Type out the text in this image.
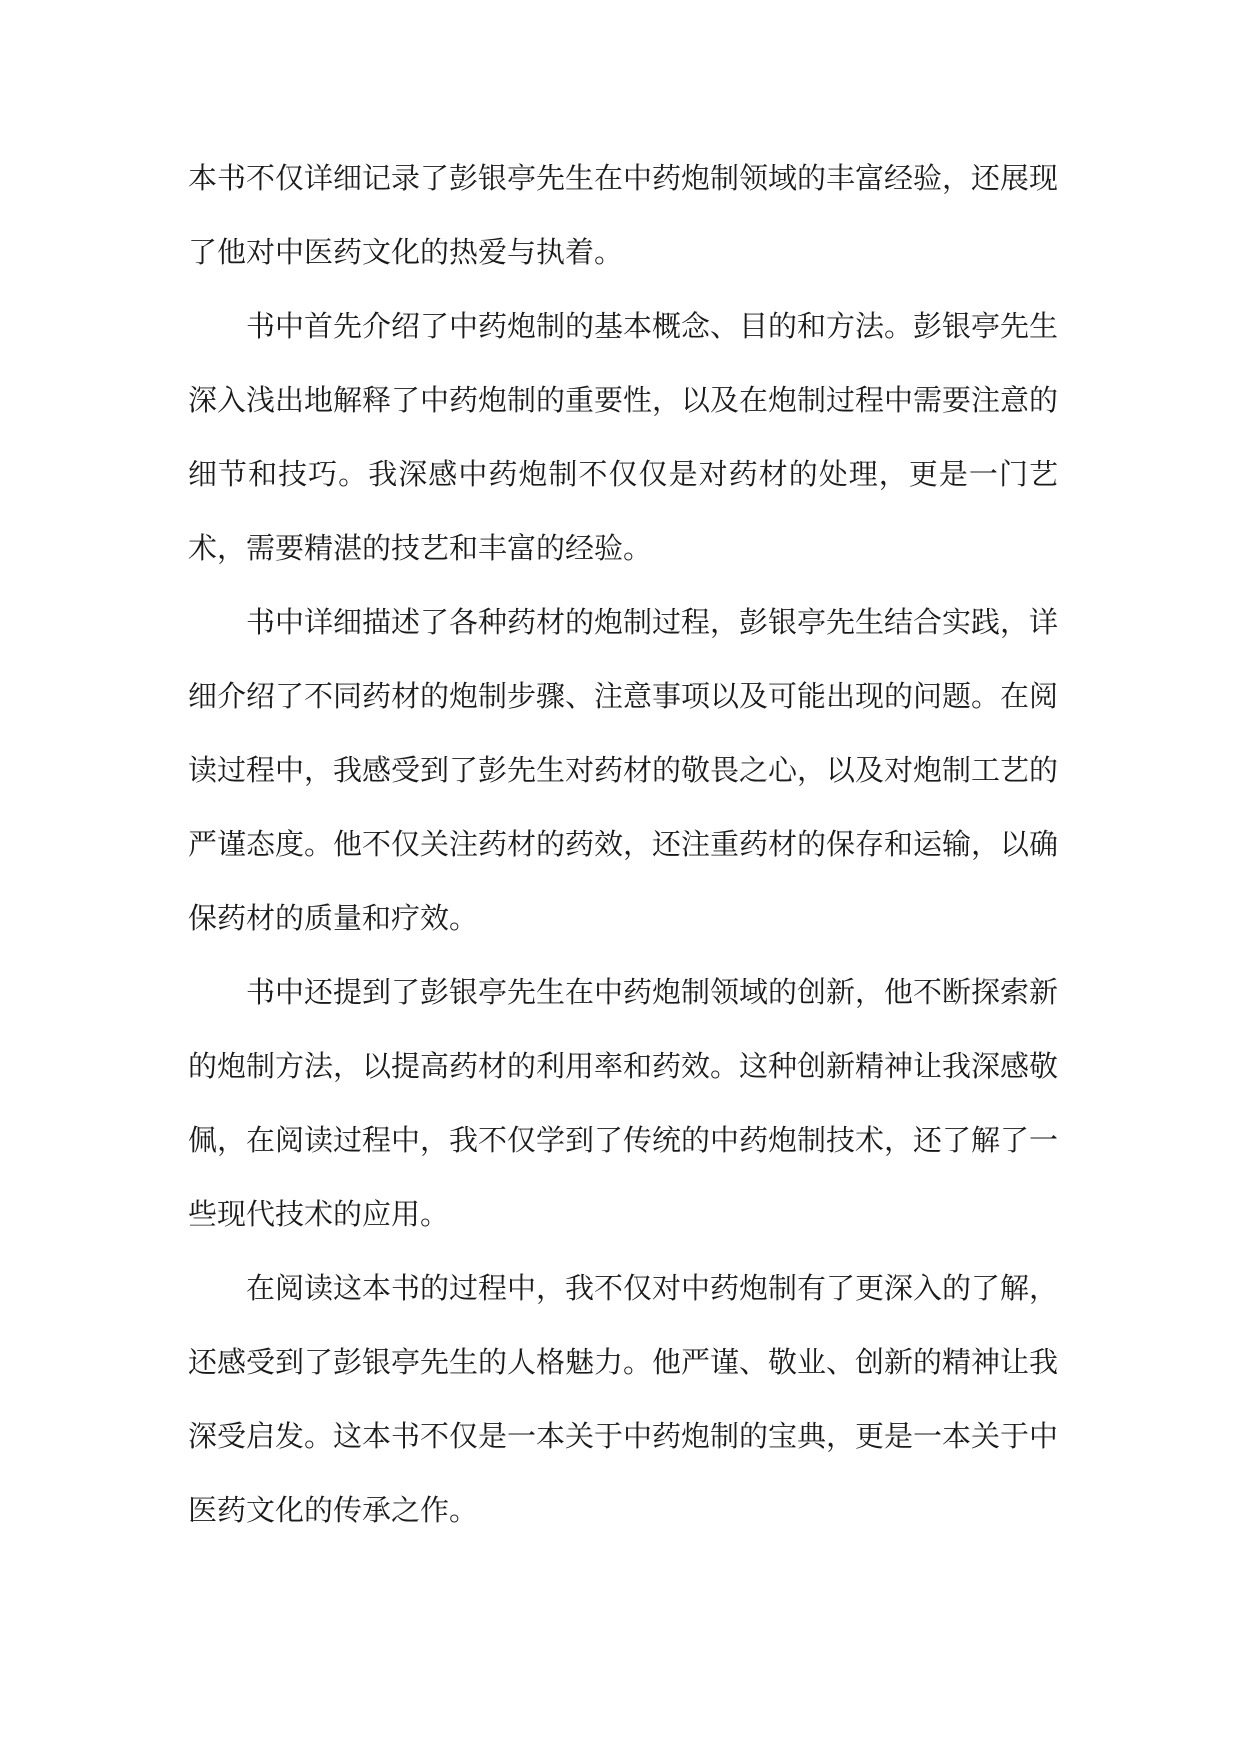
本书不仅详细记录了彭银亭先生在中药炮制领域的丰富经验，还展现了他对中医药文化的热爱与执着。

书中首先介绍了中药炮制的基本概念、目的和方法。彭银亭先生深入浅出地解释了中药炮制的重要性，以及在炮制过程中需要注意的细节和技巧。我深感中药炮制不仅仅是对药材的处理，更是一门艺术，需要精湛的技艺和丰富的经验。

书中详细描述了各种药材的炮制过程，彭银亭先生结合实践，详细介绍了不同药材的炮制步骤、注意事项以及可能出现的问题。在阅读过程中，我感受到了彭先生对药材的敬畏之心，以及对炮制工艺的严谨态度。他不仅关注药材的药效，还注重药材的保存和运输，以确保药材的质量和疗效。

书中还提到了彭银亭先生在中药炮制领域的创新，他不断探索新的炮制方法，以提高药材的利用率和药效。这种创新精神让我深感敬佩，在阅读过程中，我不仅学到了传统的中药炮制技术，还了解了一些现代技术的应用。

在阅读这本书的过程中，我不仅对中药炮制有了更深入的了解，还感受到了彭银亭先生的人格魅力。他严谨、敬业、创新的精神让我深受启发。这本书不仅是一本关于中药炮制的宝典，更是一本关于中医药文化的传承之作。
